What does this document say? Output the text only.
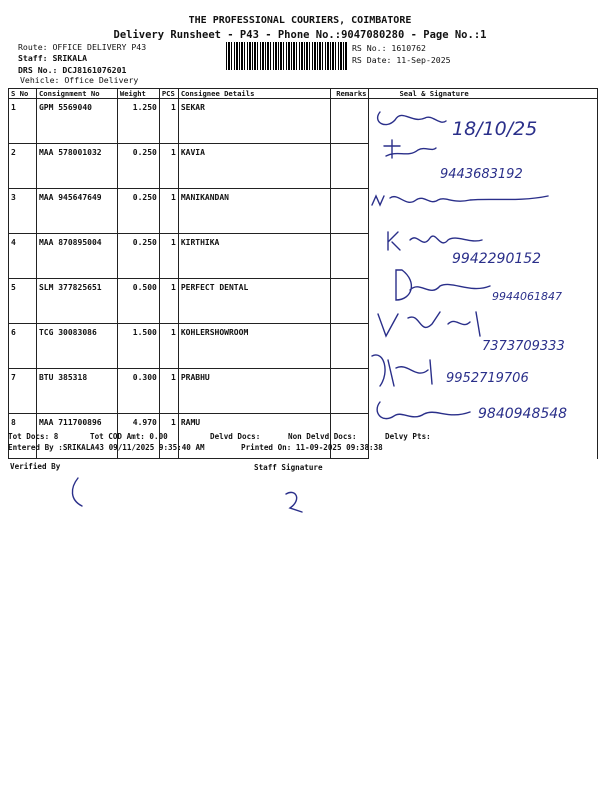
THE PROFESSIONAL COURIERS, COIMBATORE
Delivery Runsheet - P43 - Phone No.:9047080280 - Page No.:1
Route: OFFICE DELIVERY P43
Staff: SRIKALA
DRS No.: DCJ8161076201
Vehicle: Office Delivery
RS No.: 1610762
RS Date: 11-Sep-2025
S No	Consignment No	Weight	PCS	Consignee Details	Remarks	Seal & Signature
1	GPM 5569040	1.250	1	SEKAR		
2	MAA 578001032	0.250	1	KAVIA		
3	MAA 945647649	0.250	1	MANIKANDAN		
4	MAA 870895004	0.250	1	KIRTHIKA		
5	SLM 377825651	0.500	1	PERFECT DENTAL		
6	TCG 30083086	1.500	1	KOHLERSHOWROOM		
7	BTU 385318	0.300	1	PRABHU		
8	MAA 711700896	4.970	1	RAMU		
18/10/25
9443683192
9942290152
9944061847
7373709333
9952719706
9840948548
Tot Docs: 8	Tot COD Amt: 0.00	Delvd Docs:	Non Delvd Docs:	Delvy Pts:
Entered By :SRIKALA43 09/11/2025 9:35:40 AM	Printed On: 11-09-2025 09:38:38
Verified By	Staff Signature
